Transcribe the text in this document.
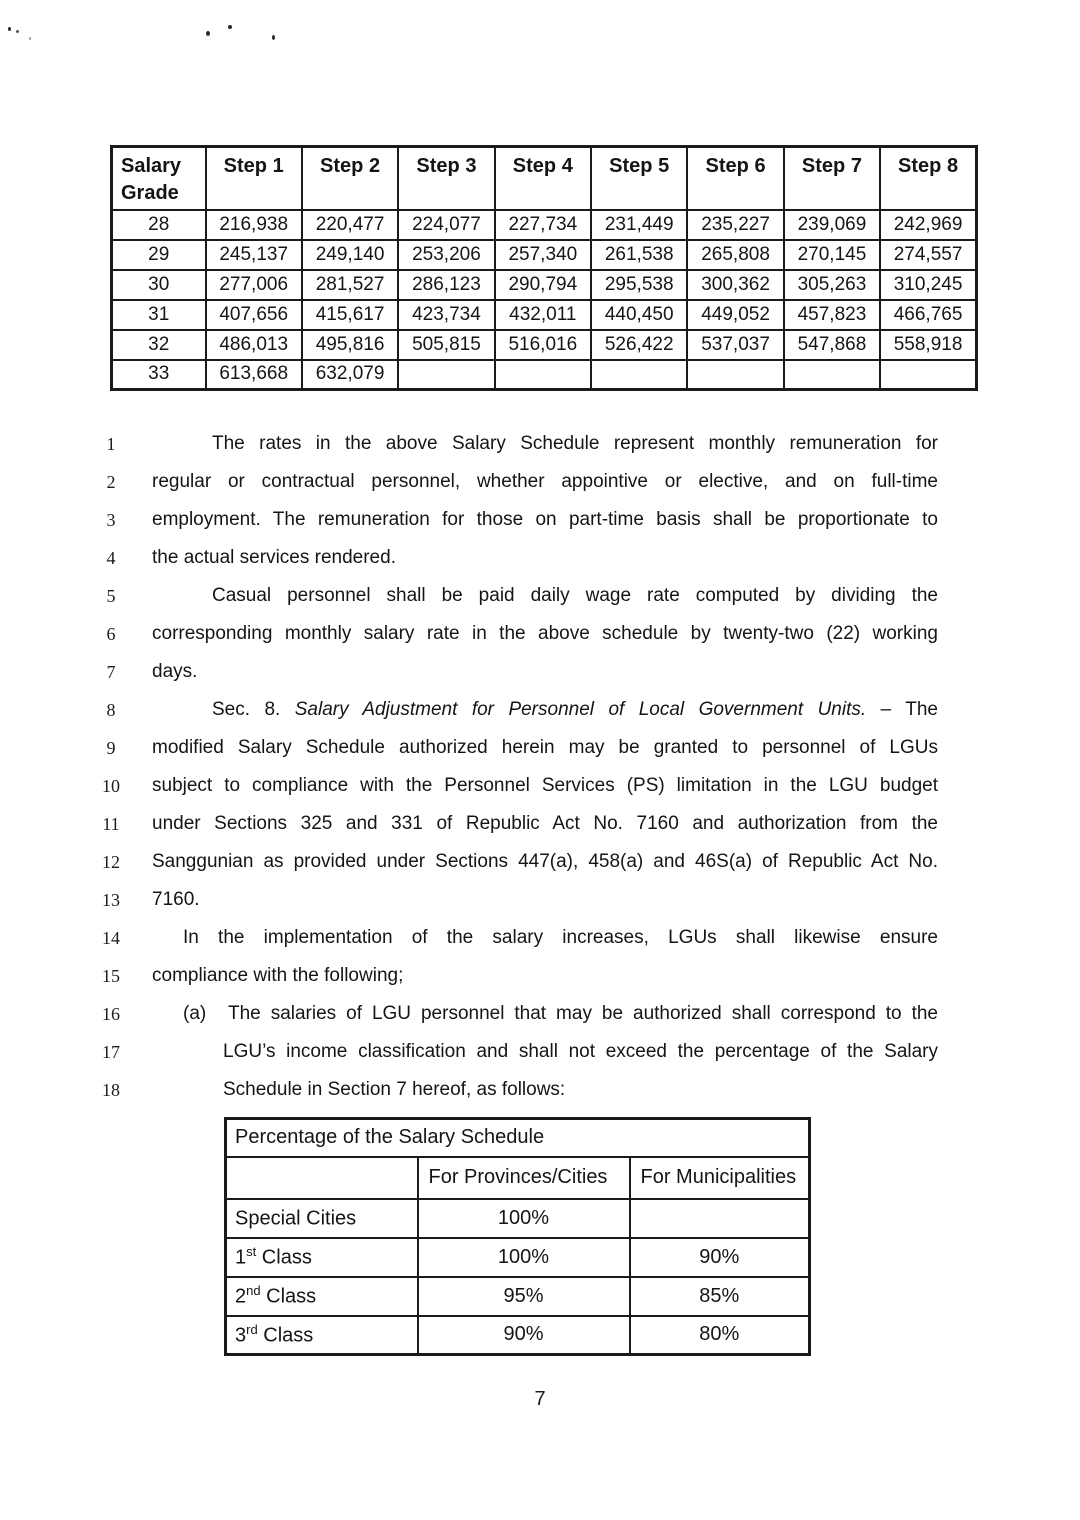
Salary Grade	Step 1	Step 2	Step 3	Step 4	Step 5	Step 6	Step 7	Step 8
28	216,938	220,477	224,077	227,734	231,449	235,227	239,069	242,969
29	245,137	249,140	253,206	257,340	261,538	265,808	270,145	274,557
30	277,006	281,527	286,123	290,794	295,538	300,362	305,263	310,245
31	407,656	415,617	423,734	432,011	440,450	449,052	457,823	466,765
32	486,013	495,816	505,815	516,016	526,422	537,037	547,868	558,918
33	613,668	632,079						
1	The rates in the above Salary Schedule represent monthly remuneration for
2	regular or contractual personnel, whether appointive or elective, and on full-time
3	employment. The remuneration for those on part-time basis shall be proportionate to
4	the actual services rendered.
5	Casual personnel shall be paid daily wage rate computed by dividing the
6	corresponding monthly salary rate in the above schedule by twenty-two (22) working
7	days.
8	Sec. 8. Salary Adjustment for Personnel of Local Government Units. – The
9	modified Salary Schedule authorized herein may be granted to personnel of LGUs
10	subject to compliance with the Personnel Services (PS) limitation in the LGU budget
11	under Sections 325 and 331 of Republic Act No. 7160 and authorization from the
12	Sanggunian as provided under Sections 447(a), 458(a) and 46S(a) of Republic Act No.
13	7160.
14	In the implementation of the salary increases, LGUs shall likewise ensure
15	compliance with the following;
16	(a) The salaries of LGU personnel that may be authorized shall correspond to the
17	LGU’s income classification and shall not exceed the percentage of the Salary
18	Schedule in Section 7 hereof, as follows:
Percentage of the Salary Schedule		
	For Provinces/Cities	For Municipalities
Special Cities	100%	
1st Class	100%	90%
2nd Class	95%	85%
3rd Class	90%	80%
7
